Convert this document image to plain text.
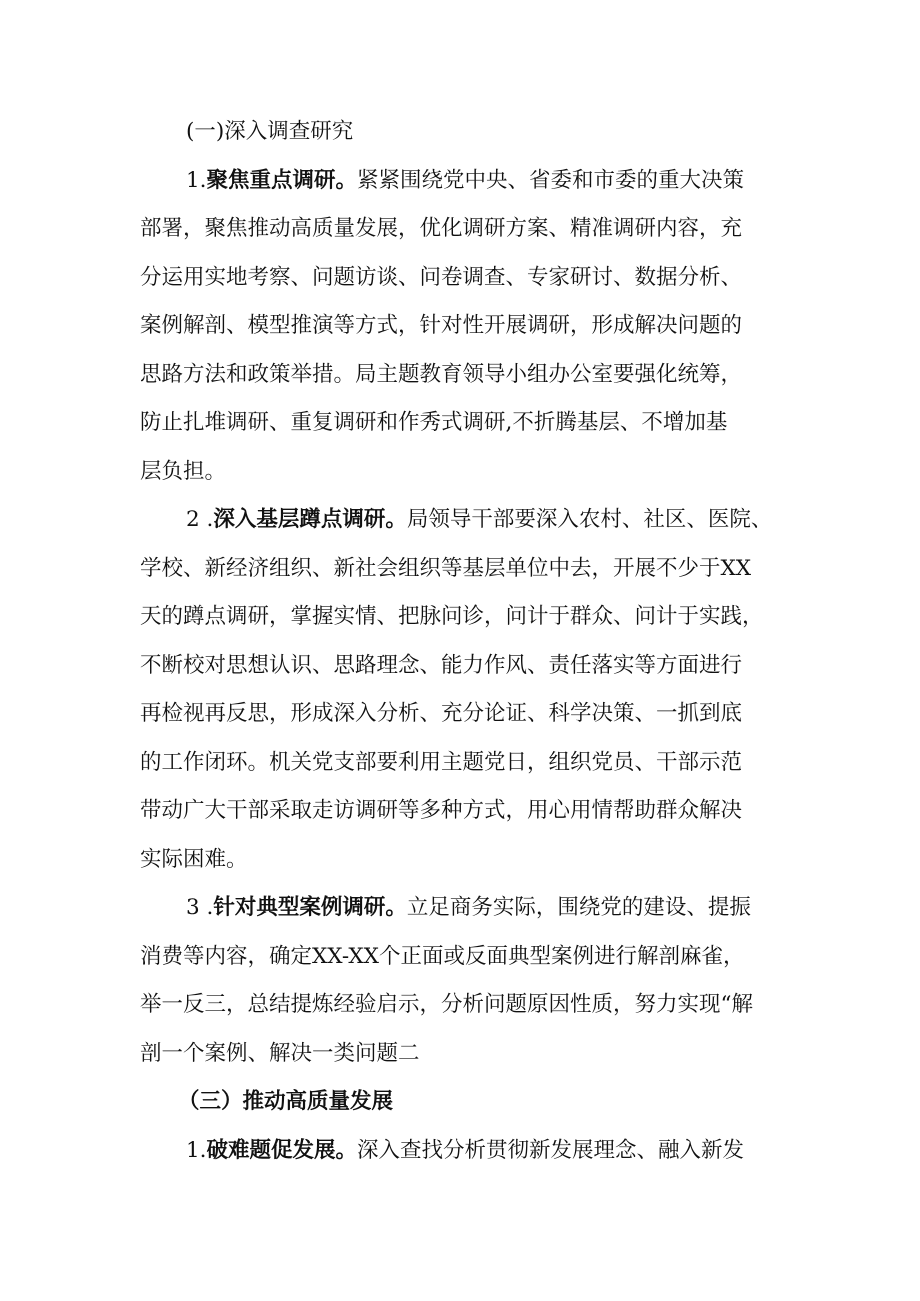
(一)深入调查研究
1.聚焦重点调研。紧紧围绕党中央、省委和市委的重大决策
部署，聚焦推动高质量发展，优化调研方案、精准调研内容，充
分运用实地考察、问题访谈、问卷调查、专家研讨、数据分析、
案例解剖、模型推演等方式，针对性开展调研，形成解决问题的
思路方法和政策举措。局主题教育领导小组办公室要强化统筹，
防止扎堆调研、重复调研和作秀式调研,不折腾基层、不增加基
层负担。
2 .深入基层蹲点调研。局领导干部要深入农村、社区、医院、
学校、新经济组织、新社会组织等基层单位中去，开展不少于XX
天的蹲点调研，掌握实情、把脉问诊，问计于群众、问计于实践，
不断校对思想认识、思路理念、能力作风、责任落实等方面进行
再检视再反思，形成深入分析、充分论证、科学决策、一抓到底
的工作闭环。机关党支部要利用主题党日，组织党员、干部示范
带动广大干部采取走访调研等多种方式，用心用情帮助群众解决
实际困难。
3 .针对典型案例调研。立足商务实际，围绕党的建设、提振
消费等内容，确定XX-XX个正面或反面典型案例进行解剖麻雀，
举一反三，总结提炼经验启示，分析问题原因性质，努力实现“解
剖一个案例、解决一类问题二
（三）推动高质量发展
1.破难题促发展。深入查找分析贯彻新发展理念、融入新发
